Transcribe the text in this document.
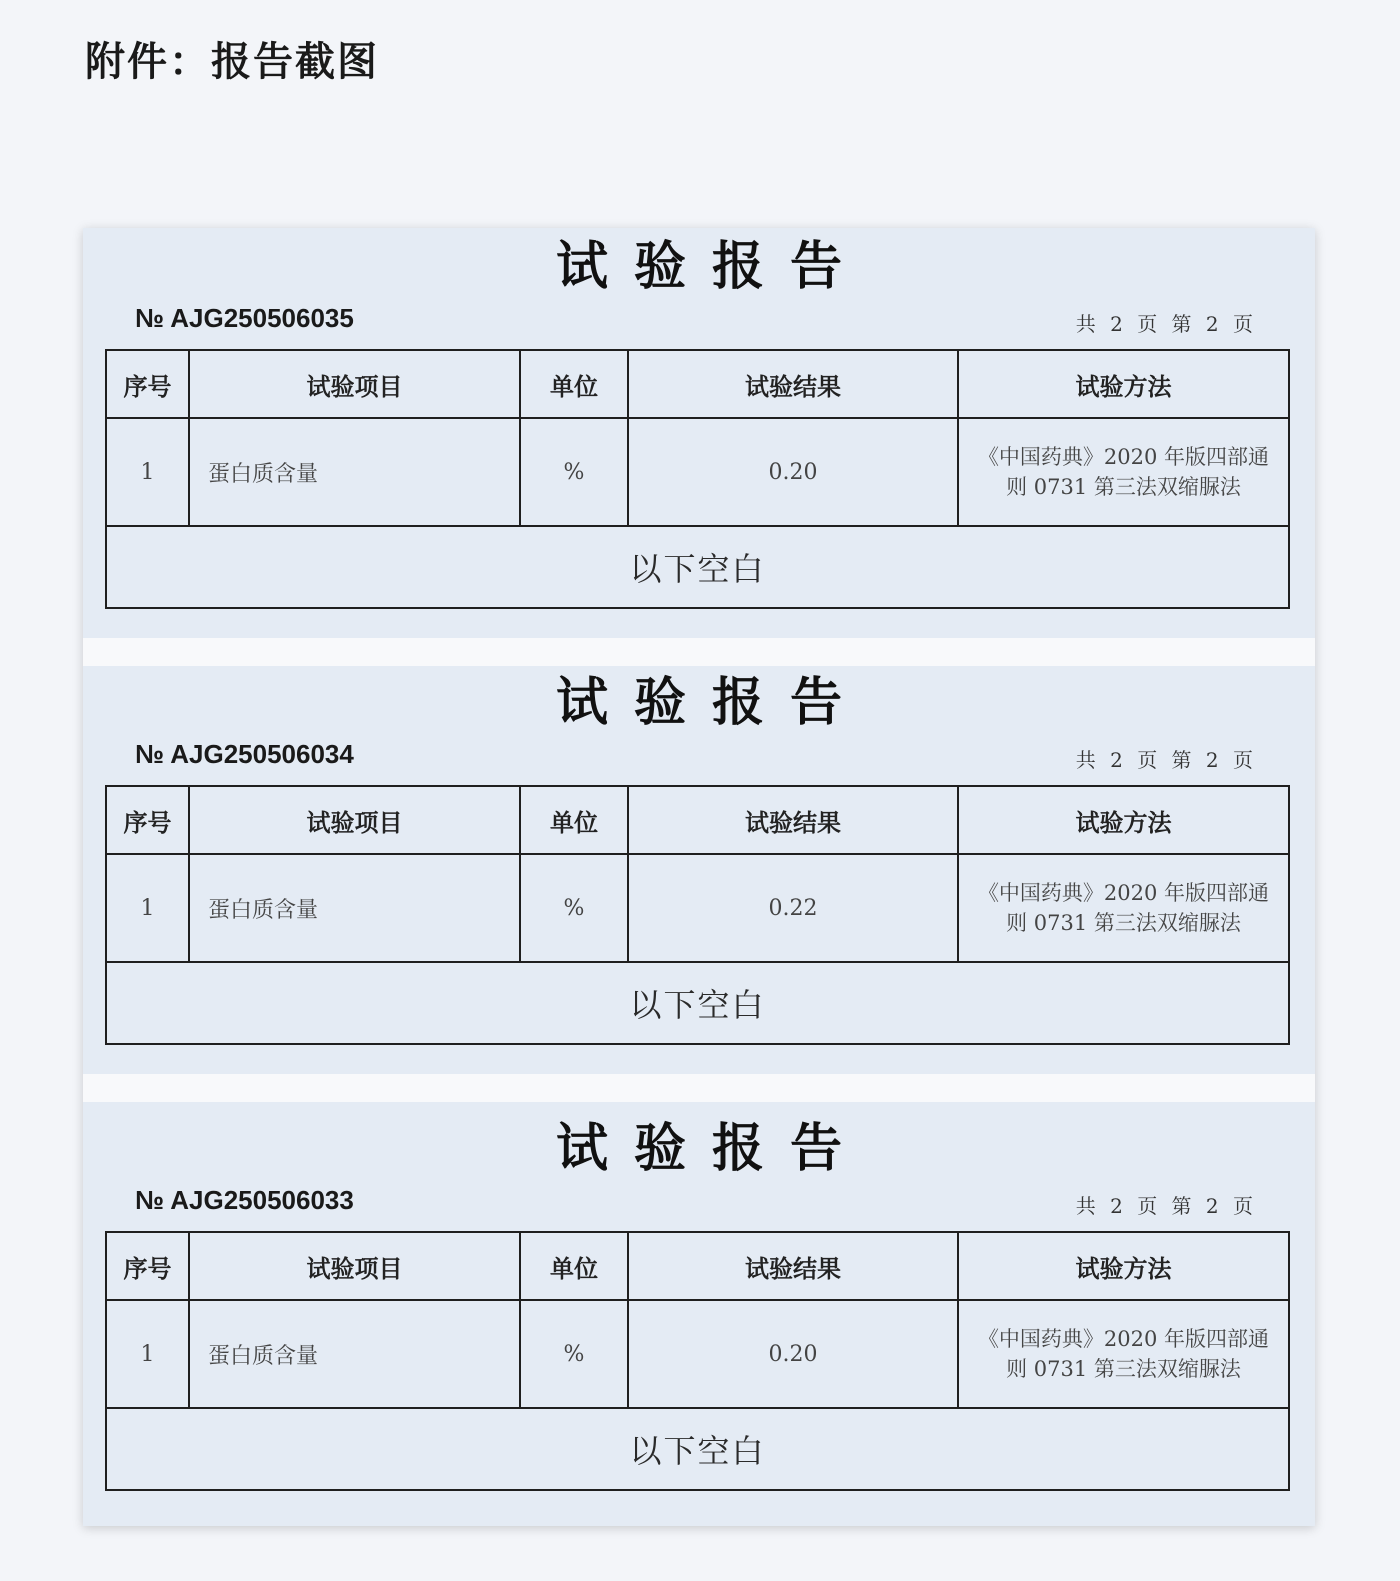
附件：报告截图
试验报告
№ AJG250506035	共 2 页 第 2 页
序号	试验项目	单位	试验结果	试验方法
1	蛋白质含量	%	0.20	《中国药典》2020 年版四部通则 0731 第三法双缩脲法
以下空白				
试验报告
№ AJG250506034	共 2 页 第 2 页
序号	试验项目	单位	试验结果	试验方法
1	蛋白质含量	%	0.22	《中国药典》2020 年版四部通则 0731 第三法双缩脲法
以下空白				
试验报告
№ AJG250506033	共 2 页 第 2 页
序号	试验项目	单位	试验结果	试验方法
1	蛋白质含量	%	0.20	《中国药典》2020 年版四部通则 0731 第三法双缩脲法
以下空白				
